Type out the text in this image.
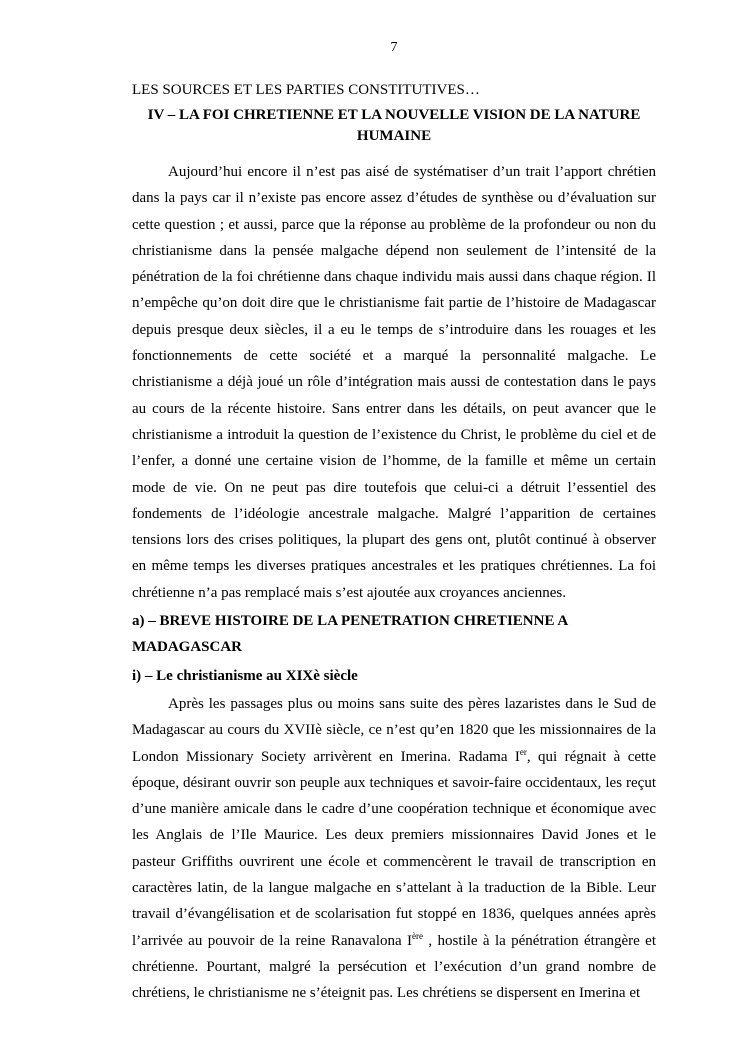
7
LES SOURCES ET LES PARTIES CONSTITUTIVES…
IV – LA FOI CHRETIENNE ET LA NOUVELLE VISION DE LA NATURE HUMAINE

Aujourd’hui encore il n’est pas aisé de systématiser d’un trait l’apport chrétien dans la pays car il n’existe pas encore assez d’études de synthèse ou d’évaluation sur cette question ; et aussi, parce que la réponse au problème de la profondeur ou non du christianisme dans la pensée malgache dépend non seulement de l’intensité de la pénétration de la foi chrétienne dans chaque individu mais aussi dans chaque région. Il n’empêche qu’on doit dire que le christianisme fait partie de l’histoire de Madagascar depuis presque deux siècles, il a eu le temps de s’introduire dans les rouages et les fonctionnements de cette société et a marqué la personnalité malgache. Le christianisme a déjà joué un rôle d’intégration mais aussi de contestation dans le pays au cours de la récente histoire. Sans entrer dans les détails, on peut avancer que le christianisme a introduit la question de l’existence du Christ, le problème du ciel et de l’enfer, a donné une certaine vision de l’homme, de la famille et même un certain mode de vie. On ne peut pas dire toutefois que celui-ci a détruit l’essentiel des fondements de l’idéologie ancestrale malgache. Malgré l’apparition de certaines tensions lors des crises politiques, la plupart des gens ont, plutôt continué à observer en même temps les diverses pratiques ancestrales et les pratiques chrétiennes. La foi chrétienne n’a pas remplacé mais s’est ajoutée aux croyances anciennes.

a) – BREVE HISTOIRE DE LA PENETRATION CHRETIENNE A MADAGASCAR
i) – Le christianisme au XIXè siècle

Après les passages plus ou moins sans suite des pères lazaristes dans le Sud de Madagascar au cours du XVIIè siècle, ce n’est qu’en 1820 que les missionnaires de la London Missionary Society arrivèrent en Imerina. Radama Ier, qui régnait à cette époque, désirant ouvrir son peuple aux techniques et savoir-faire occidentaux, les reçut d’une manière amicale dans le cadre d’une coopération technique et économique avec les Anglais de l’Ile Maurice. Les deux premiers missionnaires David Jones et le pasteur Griffiths ouvrirent une école et commencèrent le travail de transcription en caractères latin, de la langue malgache en s’attelant à la traduction de la Bible. Leur travail d’évangélisation et de scolarisation fut stoppé en 1836, quelques années après l’arrivée au pouvoir de la reine Ranavalona Ière , hostile à la pénétration étrangère et chrétienne. Pourtant, malgré la persécution et l’exécution d’un grand nombre de chrétiens, le christianisme ne s’éteignit pas. Les chrétiens se dispersent en Imerina et
